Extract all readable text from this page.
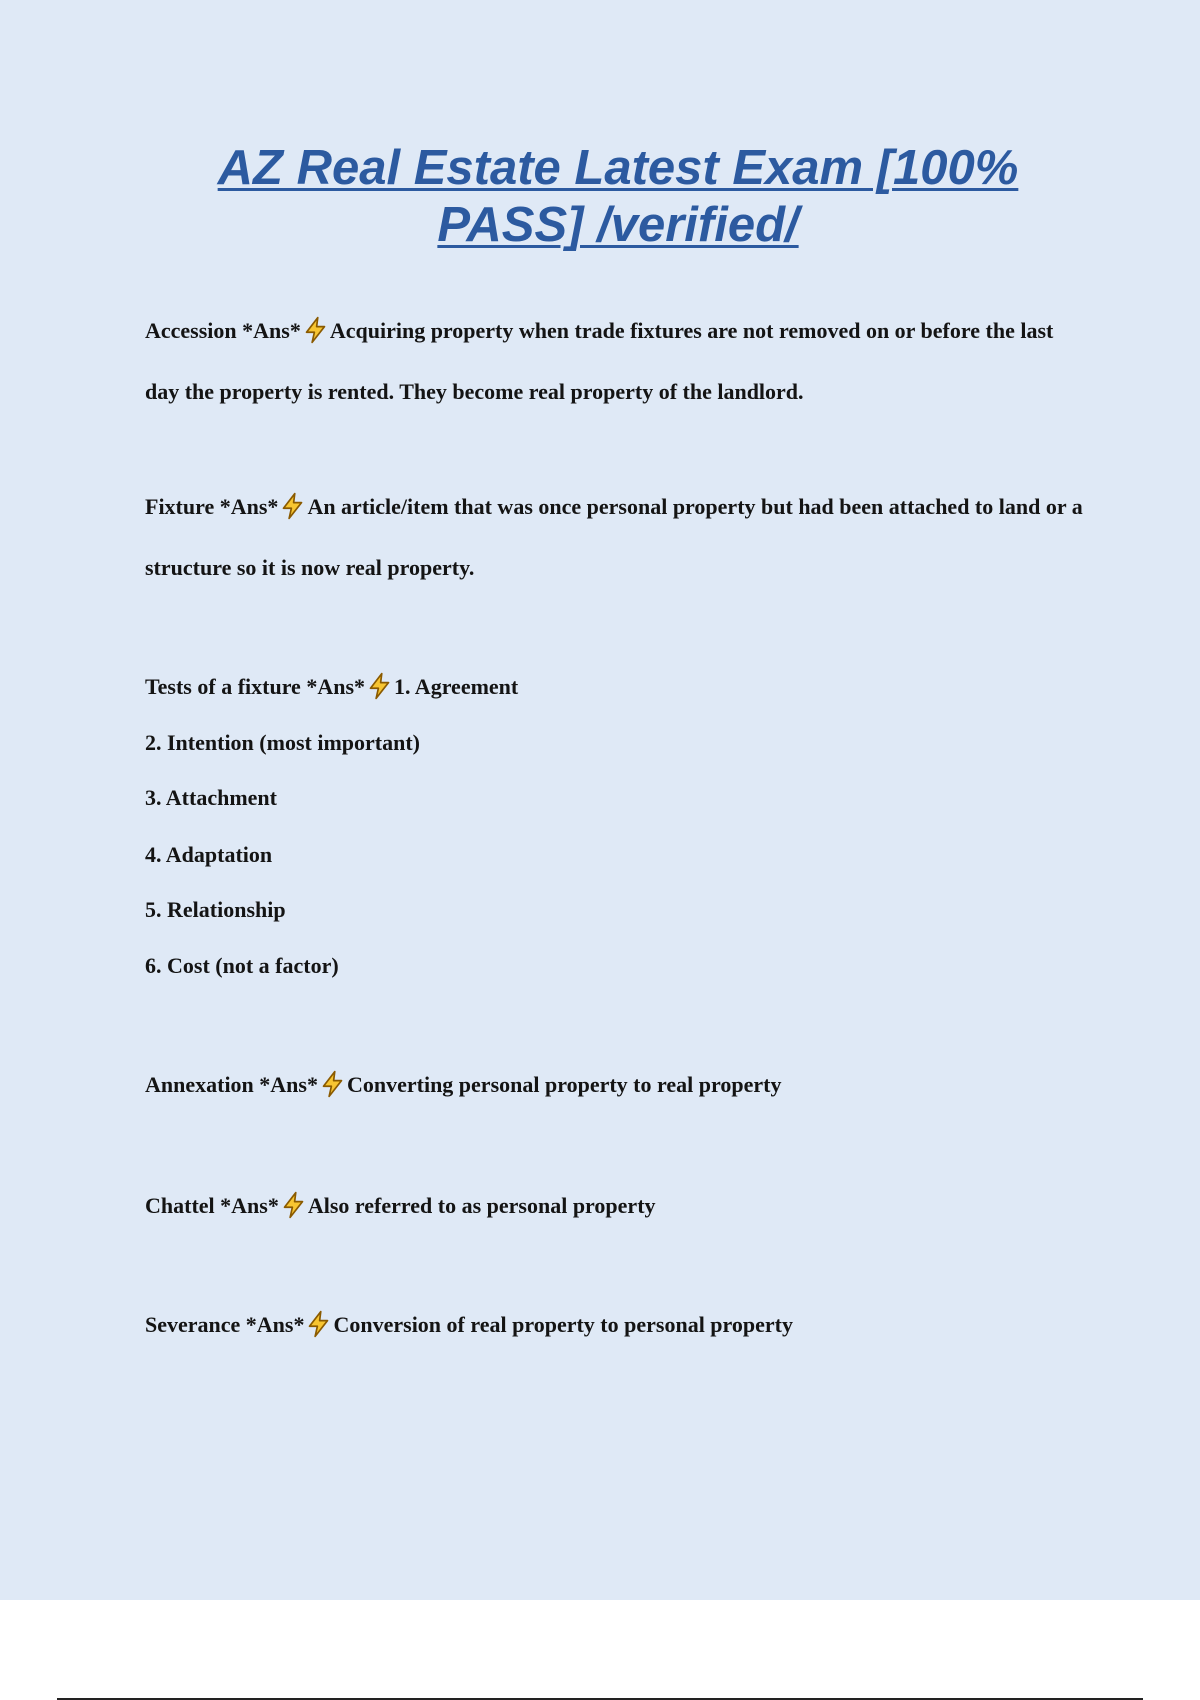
AZ Real Estate Latest Exam [100% PASS] /verified/
Accession *Ans* Acquiring property when trade fixtures are not removed on or before the last day the property is rented. They become real property of the landlord.
Fixture *Ans* An article/item that was once personal property but had been attached to land or a structure so it is now real property.
Tests of a fixture *Ans* 1. Agreement
2. Intention (most important)
3. Attachment
4. Adaptation
5. Relationship
6. Cost (not a factor)
Annexation *Ans* Converting personal property to real property
Chattel *Ans* Also referred to as personal property
Severance *Ans* Conversion of real property to personal property
